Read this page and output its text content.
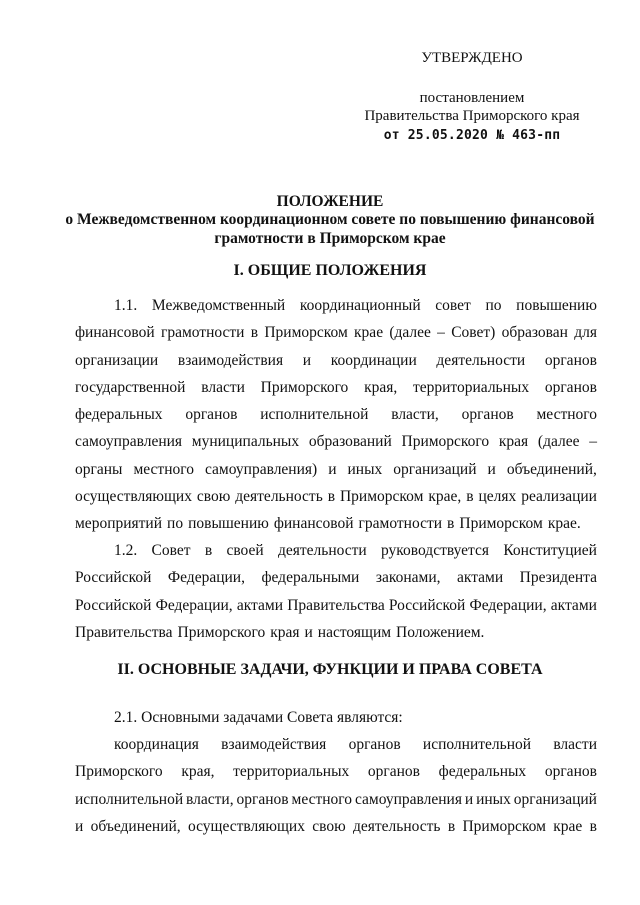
УТВЕРЖДЕНО
постановлением
Правительства Приморского края
от 25.05.2020 № 463-пп
ПОЛОЖЕНИЕ
о Межведомственном координационном совете по повышению финансовой
грамотности в Приморском крае
I. ОБЩИЕ ПОЛОЖЕНИЯ
1.1. Межведомственный координационный совет по повышению
финансовой грамотности в Приморском крае (далее – Совет) образован для
организации взаимодействия и координации деятельности органов
государственной власти Приморского края, территориальных органов
федеральных органов исполнительной власти, органов местного
самоуправления муниципальных образований Приморского края (далее –
органы местного самоуправления) и иных организаций и объединений,
осуществляющих свою деятельность в Приморском крае, в целях реализации
мероприятий по повышению финансовой грамотности в Приморском крае.
1.2. Совет в своей деятельности руководствуется Конституцией
Российской Федерации, федеральными законами, актами Президента
Российской Федерации, актами Правительства Российской Федерации, актами
Правительства Приморского края и настоящим Положением.
II. ОСНОВНЫЕ ЗАДАЧИ, ФУНКЦИИ И ПРАВА СОВЕТА
2.1. Основными задачами Совета являются:
координация взаимодействия органов исполнительной власти
Приморского края, территориальных органов федеральных органов
исполнительной власти, органов местного самоуправления и иных организаций
и объединений, осуществляющих свою деятельность в Приморском крае в
